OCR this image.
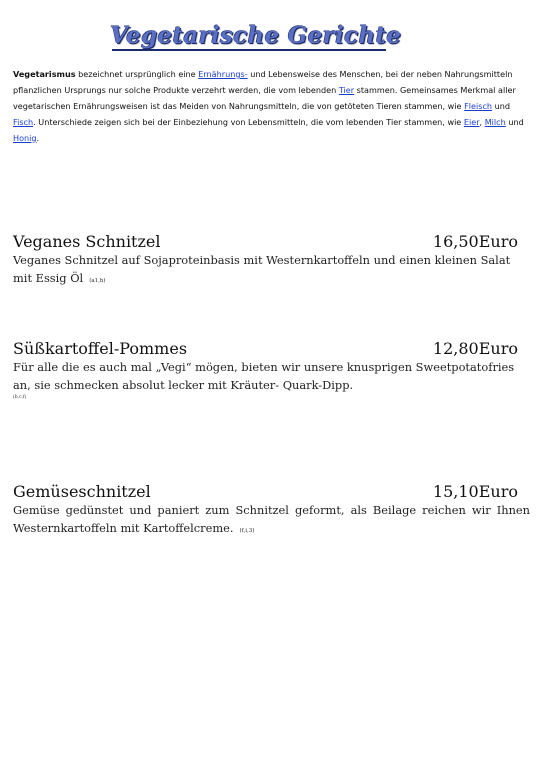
Vegetarische Gerichte
Vegetarismus bezeichnet ursprünglich eine Ernährungs- und Lebensweise des Menschen, bei der neben Nahrungsmitteln pflanzlichen Ursprungs nur solche Produkte verzehrt werden, die vom lebenden Tier stammen. Gemeinsames Merkmal aller vegetarischen Ernährungsweisen ist das Meiden von Nahrungsmitteln, die von getöteten Tieren stammen, wie Fleisch und Fisch. Unterschiede zeigen sich bei der Einbeziehung von Lebensmitteln, die vom lebenden Tier stammen, wie Eier, Milch und Honig.
Veganes Schnitzel	16,50Euro
Veganes Schnitzel auf Sojaproteinbasis mit Westernkartoffeln und einen kleinen Salat mit Essig Öl (a1,h)
Süßkartoffel-Pommes	12,80Euro
Für alle die es auch mal „Vegi“ mögen, bieten wir unsere knusprigen Sweetpotatofries an, sie schmecken absolut lecker mit Kräuter- Quark-Dipp.
(b,c,f)
Gemüseschnitzel	15,10Euro
Gemüse gedünstet und paniert zum Schnitzel geformt, als Beilage reichen wir Ihnen Westernkartoffeln mit Kartoffelcreme. (f,i,3)
